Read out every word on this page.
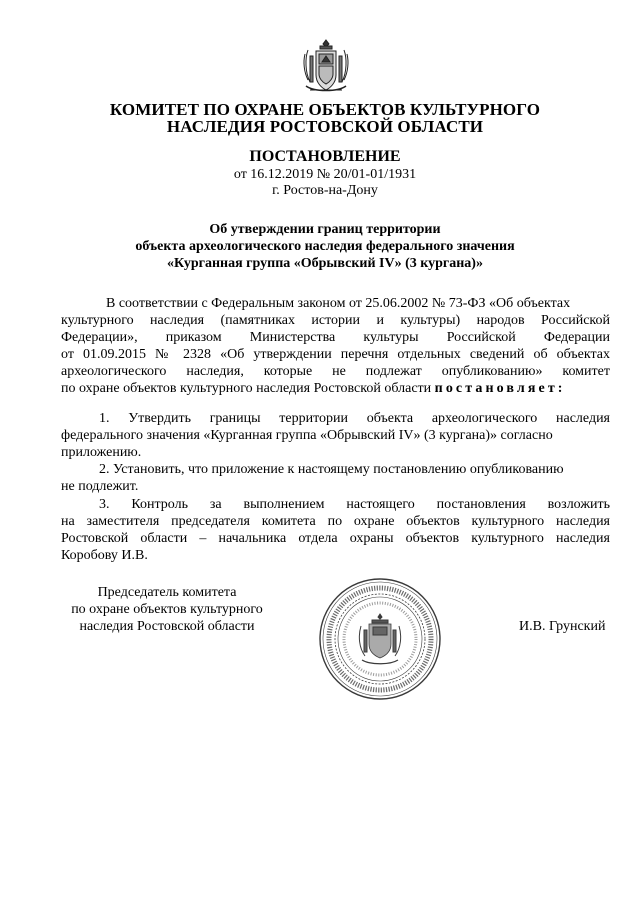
КОМИТЕТ ПО ОХРАНЕ ОБЪЕКТОВ КУЛЬТУРНОГО
НАСЛЕДИЯ РОСТОВСКОЙ ОБЛАСТИ
ПОСТАНОВЛЕНИЕ
от 16.12.2019 № 20/01-01/1931
г. Ростов-на-Дону
Об утверждении границ территории
объекта археологического наследия федерального значения
«Курганная группа «Обрывский IV» (3 кургана)»
В соответствии с Федеральным законом от 25.06.2002 № 73-ФЗ «Об объектах
культурного наследия (памятниках истории и культуры) народов Российской
Федерации», приказом Министерства культуры Российской Федерации
от 01.09.2015 № 2328 «Об утверждении перечня отдельных сведений об объектах
археологического наследия, которые не подлежат опубликованию» комитет
по охране объектов культурного наследия Ростовской области постановляет:
1. Утвердить границы территории объекта археологического наследия
федерального значения «Курганная группа «Обрывский IV» (3 кургана)» согласно
приложению.
2. Установить, что приложение к настоящему постановлению опубликованию
не подлежит.
3. Контроль за выполнением настоящего постановления возложить
на заместителя председателя комитета по охране объектов культурного наследия
Ростовской области – начальника отдела охраны объектов культурного наследия
Коробову И.В.
Председатель комитета
по охране объектов культурного
наследия Ростовской области	И.В. Грунский
